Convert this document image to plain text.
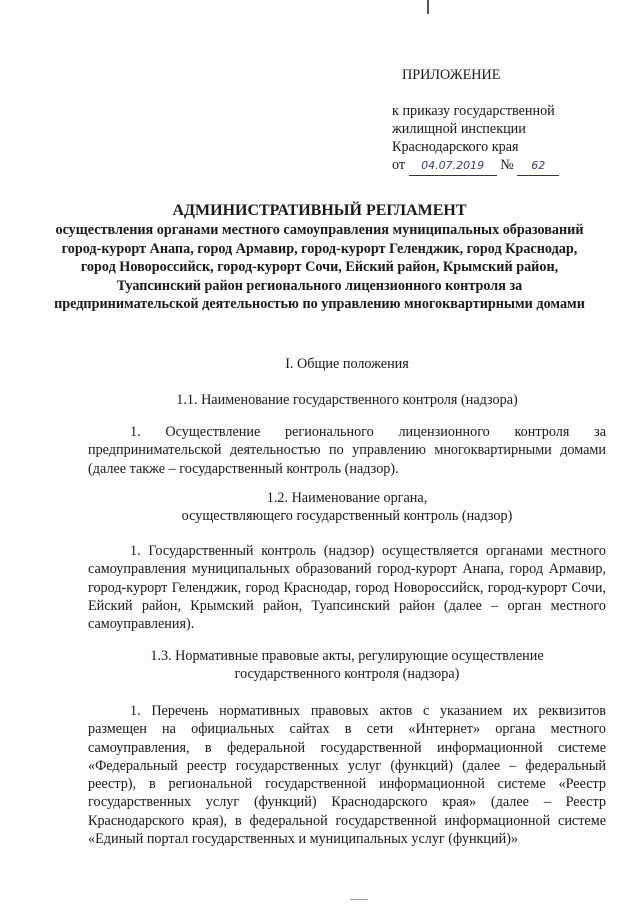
ПРИЛОЖЕНИЕ
к приказу государственной
жилищной инспекции
Краснодарского края
от 04.07.2019 № 62
АДМИНИСТРАТИВНЫЙ РЕГЛАМЕНТ
осуществления органами местного самоуправления муниципальных образований город-курорт Анапа, город Армавир, город-курорт Геленджик, город Краснодар, город Новороссийск, город-курорт Сочи, Ейский район, Крымский район, Туапсинский район регионального лицензионного контроля за предпринимательской деятельностью по управлению многоквартирными домами
I. Общие положения
1.1. Наименование государственного контроля (надзора)
1. Осуществление регионального лицензионного контроля за предпринимательской деятельностью по управлению многоквартирными домами (далее также – государственный контроль (надзор).
1.2. Наименование органа,
осуществляющего государственный контроль (надзор)
1. Государственный контроль (надзор) осуществляется органами местного самоуправления муниципальных образований город-курорт Анапа, город Армавир, город-курорт Геленджик, город Краснодар, город Новороссийск, город-курорт Сочи, Ейский район, Крымский район, Туапсинский район (далее – орган местного самоуправления).
1.3. Нормативные правовые акты, регулирующие осуществление
государственного контроля (надзора)
1. Перечень нормативных правовых актов с указанием их реквизитов размещен на официальных сайтах в сети «Интернет» органа местного самоуправления, в федеральной государственной информационной системе «Федеральный реестр государственных услуг (функций) (далее – федеральный реестр), в региональной государственной информационной системе «Реестр государственных услуг (функций) Краснодарского края» (далее – Реестр Краснодарского края), в федеральной государственной информационной системе «Единый портал государственных и муниципальных услуг (функций)»
